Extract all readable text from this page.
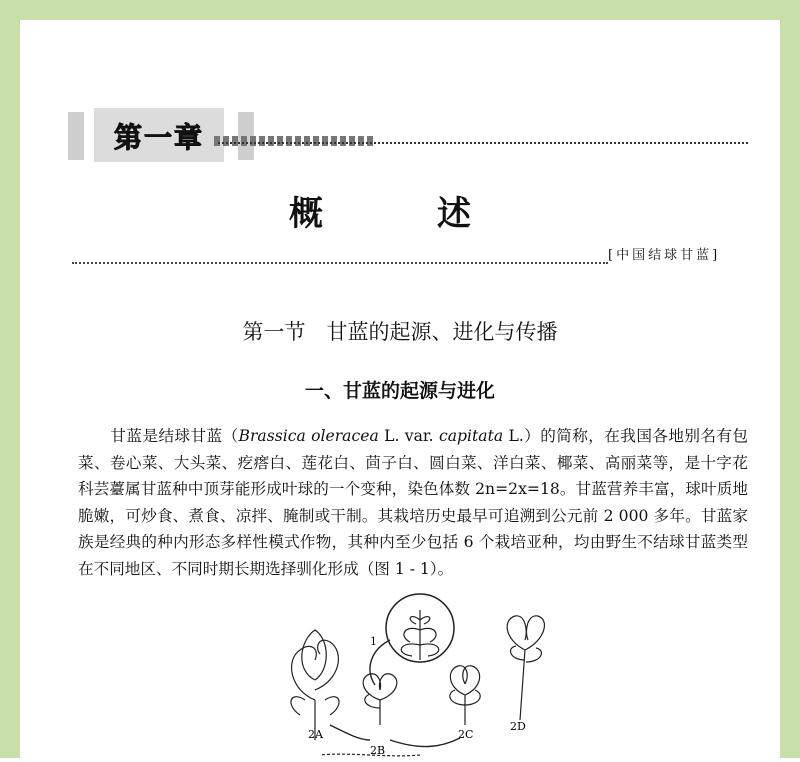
第一章
概　述
[中国结球甘蓝]
第一节　甘蓝的起源、进化与传播
一、甘蓝的起源与进化

甘蓝是结球甘蓝（Brassica oleracea L. var. capitata L.）的简称，在我国各地别名有包菜、卷心菜、大头菜、疙瘩白、莲花白、茴子白、圆白菜、洋白菜、椰菜、高丽菜等，是十字花科芸薹属甘蓝种中顶芽能形成叶球的一个变种，染色体数 2n=2x=18。甘蓝营养丰富，球叶质地脆嫩，可炒食、煮食、凉拌、腌制或干制。其栽培历史最早可追溯到公元前 2 000 多年。甘蓝家族是经典的种内形态多样性模式作物，其种内至少包括 6 个栽培亚种，均由野生不结球甘蓝类型在不同地区、不同时期长期选择驯化形成（图 1 - 1）。

1
2A
2B
2C
2D
